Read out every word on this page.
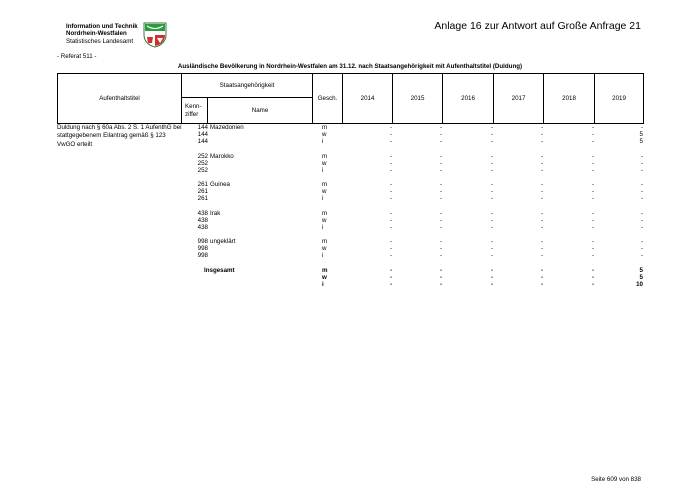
Information und Technik
Nordrhein-Westfalen
Statistisches Landesamt
Anlage 16 zur Antwort auf Große Anfrage 21
- Referat 511 -
Ausländische Bevölkerung in Nordrhein-Westfalen am 31.12. nach Staatsangehörigkeit mit Aufenthaltstitel (Duldung)
Aufenthaltstitel	Staatsangehörigkeit		Gesch.	2014	2015	2016	2017	2018	2019
	Kenn-ziffer	Name							
Duldung nach § 60a Abs. 2 S. 1 AufenthG bei stattgegebenem Eilantrag gemäß § 123 VwGO erteilt
144 Mazedonien	m	-	-	-	-	-	-
144	w	-	-	-	-	-	5
144	i	-	-	-	-	-	5
252 Marokko	m	-	-	-	-	-	-
252	w	-	-	-	-	-	-
252	i	-	-	-	-	-	-
261 Guinea	m	-	-	-	-	-	-
261	w	-	-	-	-	-	-
261	i	-	-	-	-	-	-
438 Irak	m	-	-	-	-	-	-
438	w	-	-	-	-	-	-
438	i	-	-	-	-	-	-
998 ungeklärt	m	-	-	-	-	-	-
998	w	-	-	-	-	-	-
998	i	-	-	-	-	-	-
Insgesamt	m	-	-	-	-	-	5
w	-	-	-	-	-	5
i	-	-	-	-	-	10
Seite 609 von 838
